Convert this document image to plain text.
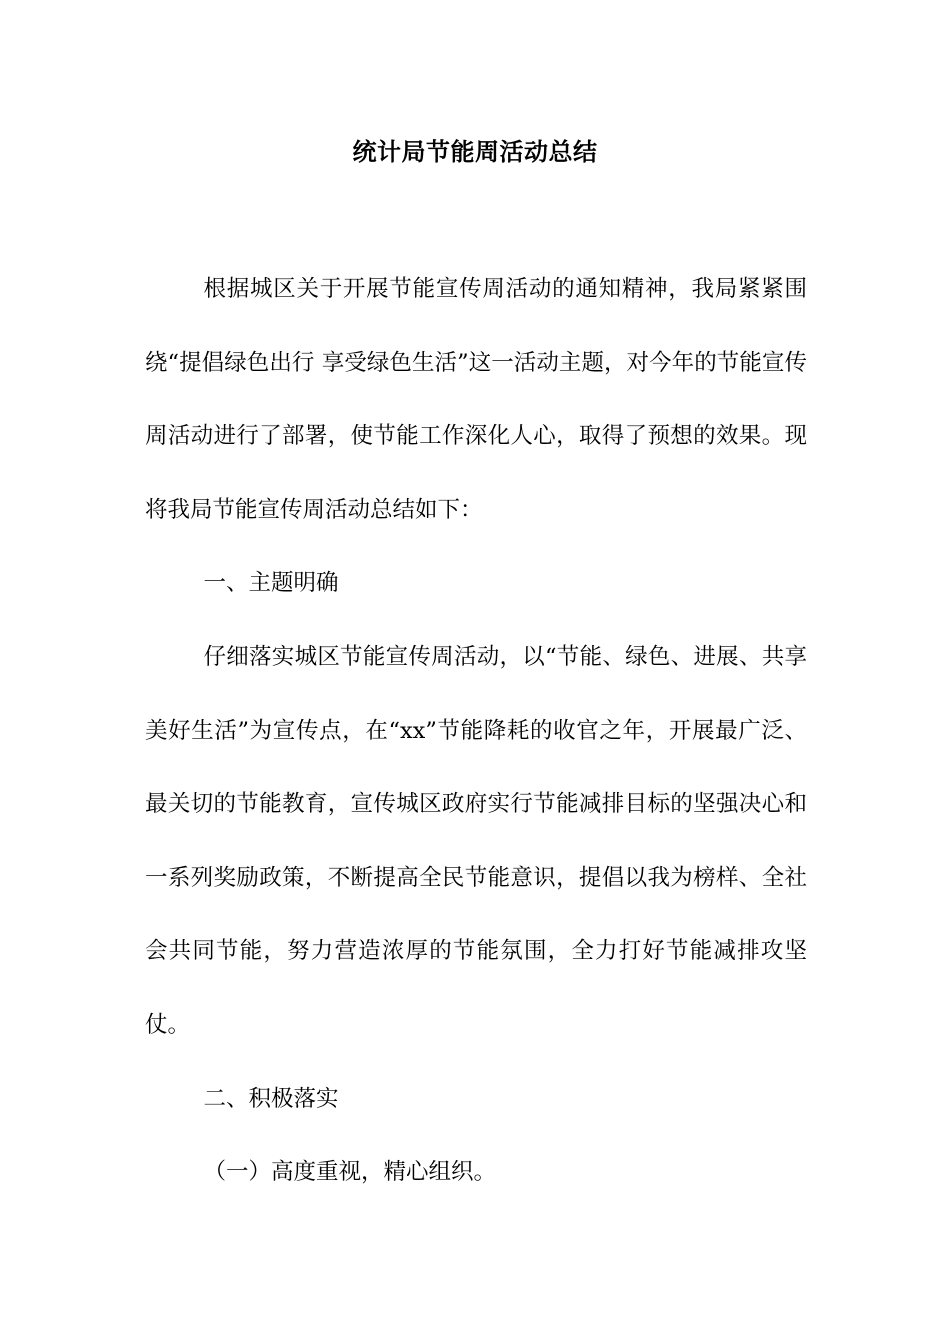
统计局节能周活动总结

根据城区关于开展节能宣传周活动的通知精神，我局紧紧围绕“提倡绿色出行 享受绿色生活”这一活动主题，对今年的节能宣传周活动进行了部署，使节能工作深化人心，取得了预想的效果。现将我局节能宣传周活动总结如下：

一、主题明确

仔细落实城区节能宣传周活动，以“节能、绿色、进展、共享美好生活”为宣传点，在“xx”节能降耗的收官之年，开展最广泛、最关切的节能教育，宣传城区政府实行节能减排目标的坚强决心和一系列奖励政策，不断提高全民节能意识，提倡以我为榜样、全社会共同节能，努力营造浓厚的节能氛围，全力打好节能减排攻坚仗。

二、积极落实

（一）高度重视，精心组织。
